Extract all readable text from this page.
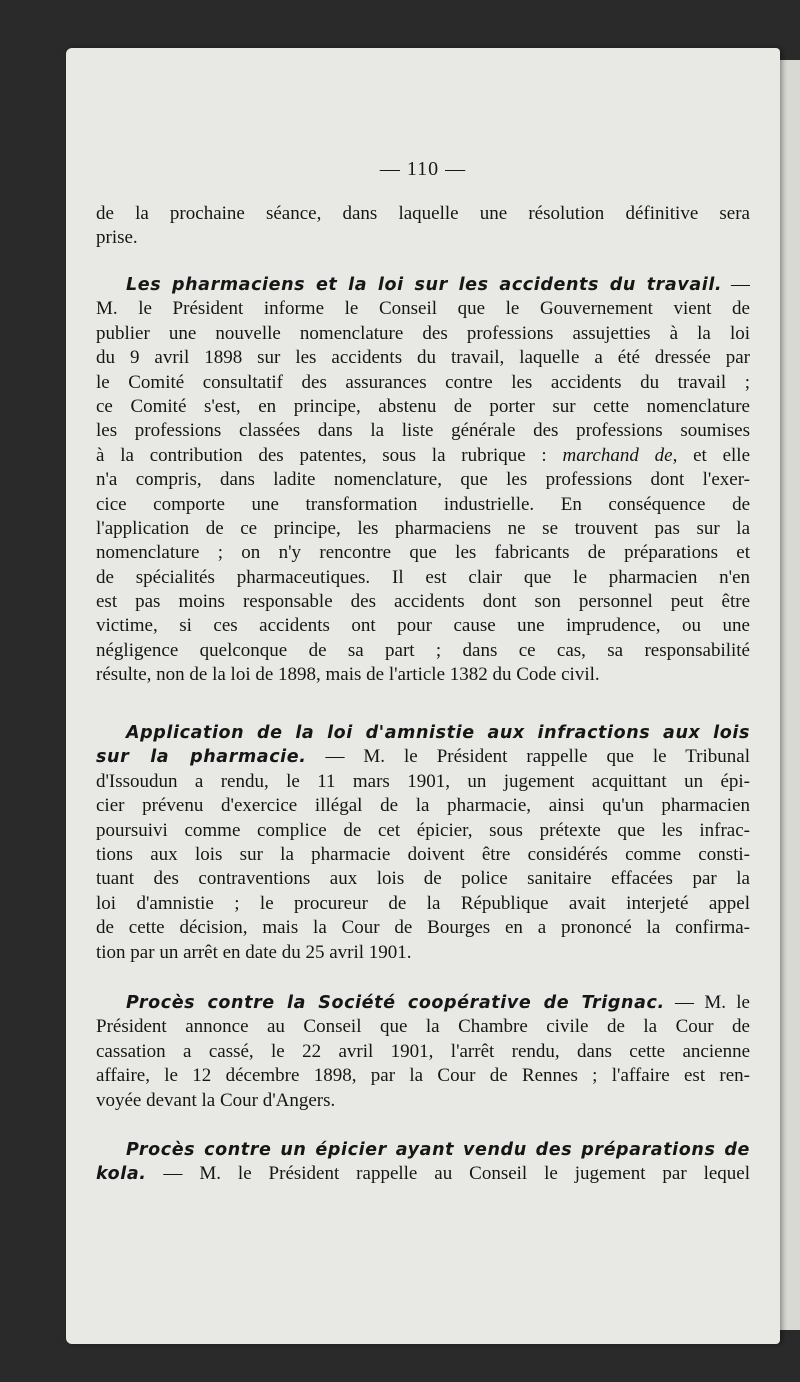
— 110 —
de la prochaine séance, dans laquelle une résolution définitive sera
prise.
Les pharmaciens et la loi sur les accidents du travail. —
M. le Président informe le Conseil que le Gouvernement vient de
publier une nouvelle nomenclature des professions assujetties à la loi
du 9 avril 1898 sur les accidents du travail, laquelle a été dressée par
le Comité consultatif des assurances contre les accidents du travail ;
ce Comité s'est, en principe, abstenu de porter sur cette nomenclature
les professions classées dans la liste générale des professions soumises
à la contribution des patentes, sous la rubrique : marchand de, et elle
n'a compris, dans ladite nomenclature, que les professions dont l'exer-
cice comporte une transformation industrielle. En conséquence de
l'application de ce principe, les pharmaciens ne se trouvent pas sur la
nomenclature ; on n'y rencontre que les fabricants de préparations et
de spécialités pharmaceutiques. Il est clair que le pharmacien n'en
est pas moins responsable des accidents dont son personnel peut être
victime, si ces accidents ont pour cause une imprudence, ou une
négligence quelconque de sa part ; dans ce cas, sa responsabilité
résulte, non de la loi de 1898, mais de l'article 1382 du Code civil.
Application de la loi d'amnistie aux infractions aux lois
sur la pharmacie. — M. le Président rappelle que le Tribunal
d'Issoudun a rendu, le 11 mars 1901, un jugement acquittant un épi-
cier prévenu d'exercice illégal de la pharmacie, ainsi qu'un pharmacien
poursuivi comme complice de cet épicier, sous prétexte que les infrac-
tions aux lois sur la pharmacie doivent être considérés comme consti-
tuant des contraventions aux lois de police sanitaire effacées par la
loi d'amnistie ; le procureur de la République avait interjeté appel
de cette décision, mais la Cour de Bourges en a prononcé la confirma-
tion par un arrêt en date du 25 avril 1901.
Procès contre la Société coopérative de Trignac. — M. le
Président annonce au Conseil que la Chambre civile de la Cour de
cassation a cassé, le 22 avril 1901, l'arrêt rendu, dans cette ancienne
affaire, le 12 décembre 1898, par la Cour de Rennes ; l'affaire est ren-
voyée devant la Cour d'Angers.
Procès contre un épicier ayant vendu des préparations de
kola. — M. le Président rappelle au Conseil le jugement par lequel
